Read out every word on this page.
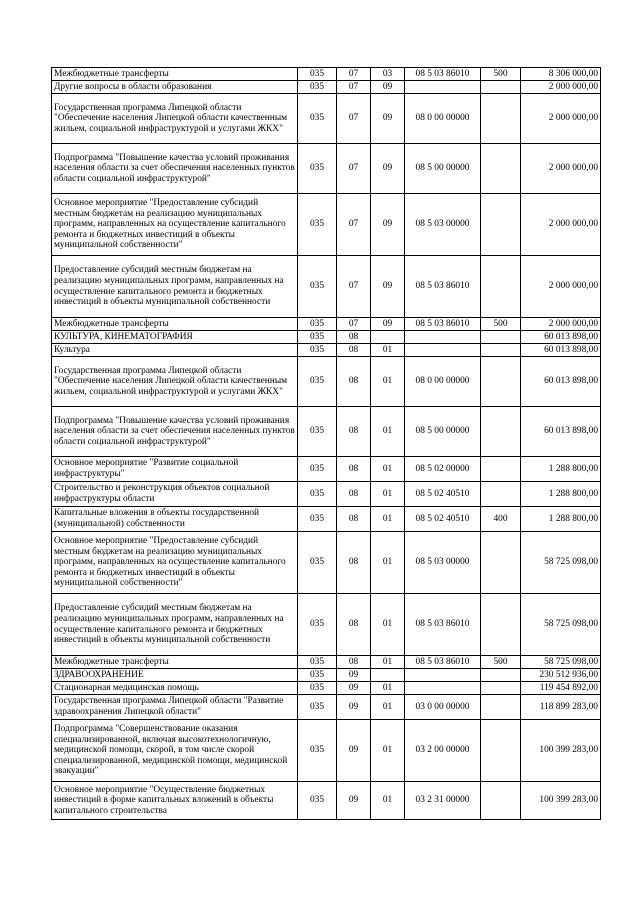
Межбюджетные трансферты	035	07	03	08 5 03 86010	500	8 306 000,00
Другие вопросы в области образования	035	07	09			2 000 000,00
Государственная программа Липецкой области "Обеспечение населения Липецкой области качественным жильем, социальной инфраструктурой и услугами ЖКХ"	035	07	09	08 0 00 00000		2 000 000,00
Подпрограмма "Повышение качества условий проживания населения области за счет обеспечения населенных пунктов области социальной инфраструктурой"	035	07	09	08 5 00 00000		2 000 000,00
Основное мероприятие "Предоставление субсидий местным бюджетам на реализацию муниципальных программ, направленных на осуществление капитального ремонта и бюджетных инвестиций в объекты муниципальной собственности"	035	07	09	08 5 03 00000		2 000 000,00
Предоставление субсидий местным бюджетам на реализацию муниципальных программ, направленных на осуществление капитального ремонта и бюджетных инвестиций в объекты муниципальной собственности	035	07	09	08 5 03 86010		2 000 000,00
Межбюджетные трансферты	035	07	09	08 5 03 86010	500	2 000 000,00
КУЛЬТУРА, КИНЕМАТОГРАФИЯ	035	08				60 013 898,00
Культура	035	08	01			60 013 898,00
Государственная программа Липецкой области "Обеспечение населения Липецкой области качественным жильем, социальной инфраструктурой и услугами ЖКХ"	035	08	01	08 0 00 00000		60 013 898,00
Подпрограмма "Повышение качества условий проживания населения области за счет обеспечения населенных пунктов области социальной инфраструктурой"	035	08	01	08 5 00 00000		60 013 898,00
Основное мероприятие "Развитие социальной инфраструктуры"	035	08	01	08 5 02 00000		1 288 800,00
Строительство и реконструкция объектов социальной инфраструктуры области	035	08	01	08 5 02 40510		1 288 800,00
Капитальные вложения в объекты государственной (муниципальной) собственности	035	08	01	08 5 02 40510	400	1 288 800,00
Основное мероприятие "Предоставление субсидий местным бюджетам на реализацию муниципальных программ, направленных на осуществление капитального ремонта и бюджетных инвестиций в объекты муниципальной собственности"	035	08	01	08 5 03 00000		58 725 098,00
Предоставление субсидий местным бюджетам на реализацию муниципальных программ, направленных на осуществление капитального ремонта и бюджетных инвестиций в объекты муниципальной собственности	035	08	01	08 5 03 86010		58 725 098,00
Межбюджетные трансферты	035	08	01	08 5 03 86010	500	58 725 098,00
ЗДРАВООХРАНЕНИЕ	035	09				230 512 936,00
Стационарная медицинская помощь	035	09	01			119 454 892,00
Государственная программа Липецкой области "Развитие здравоохранения Липецкой области"	035	09	01	03 0 00 00000		118 899 283,00
Подпрограмма "Совершенствование оказания специализированной, включая высокотехнологичную, медицинской помощи, скорой, в том числе скорой специализированной, медицинской помощи, медицинской эвакуации"	035	09	01	03 2 00 00000		100 399 283,00
Основное мероприятие "Осуществление бюджетных инвестиций в форме капитальных вложений в объекты капитального строительства	035	09	01	03 2 31 00000		100 399 283,00
